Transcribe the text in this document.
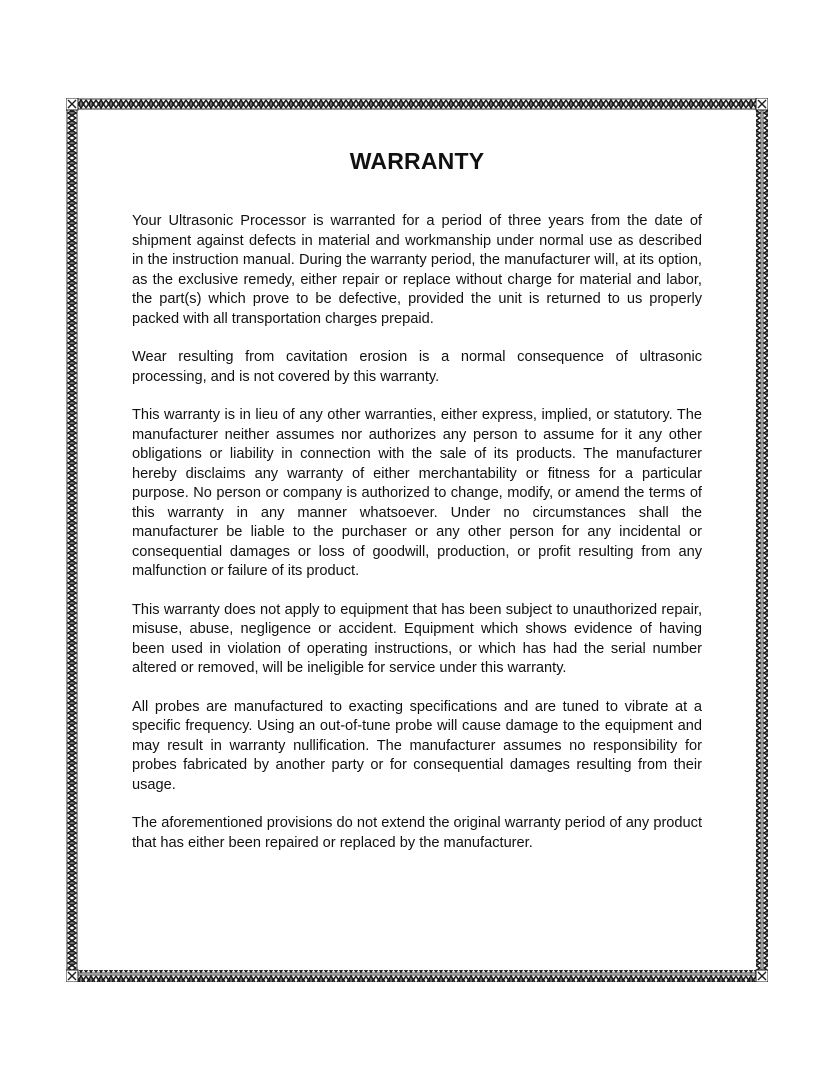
WARRANTY

Your Ultrasonic Processor is warranted for a period of three years from the date of shipment against defects in material and workmanship under normal use as described in the instruction manual. During the warranty period, the manufacturer will, at its option, as the exclusive remedy, either repair or replace without charge for material and labor, the part(s) which prove to be defective, provided the unit is returned to us properly packed with all transportation charges prepaid.

Wear resulting from cavitation erosion is a normal consequence of ultrasonic processing, and is not covered by this warranty.

This warranty is in lieu of any other warranties, either express, implied, or statutory. The manufacturer neither assumes nor authorizes any person to assume for it any other obligations or liability in connection with the sale of its products. The manufacturer hereby disclaims any warranty of either merchantability or fitness for a particular purpose. No person or company is authorized to change, modify, or amend the terms of this warranty in any manner whatsoever. Under no circumstances shall the manufacturer be liable to the purchaser or any other person for any incidental or consequential damages or loss of goodwill, production, or profit resulting from any malfunction or failure of its product.

This warranty does not apply to equipment that has been subject to unauthorized repair, misuse, abuse, negligence or accident. Equipment which shows evidence of having been used in violation of operating instructions, or which has had the serial number altered or removed, will be ineligible for service under this warranty.

All probes are manufactured to exacting specifications and are tuned to vibrate at a specific frequency. Using an out-of-tune probe will cause damage to the equipment and may result in warranty nullification. The manufacturer assumes no responsibility for probes fabricated by another party or for consequential damages resulting from their usage.

The aforementioned provisions do not extend the original warranty period of any product that has either been repaired or replaced by the manufacturer.
